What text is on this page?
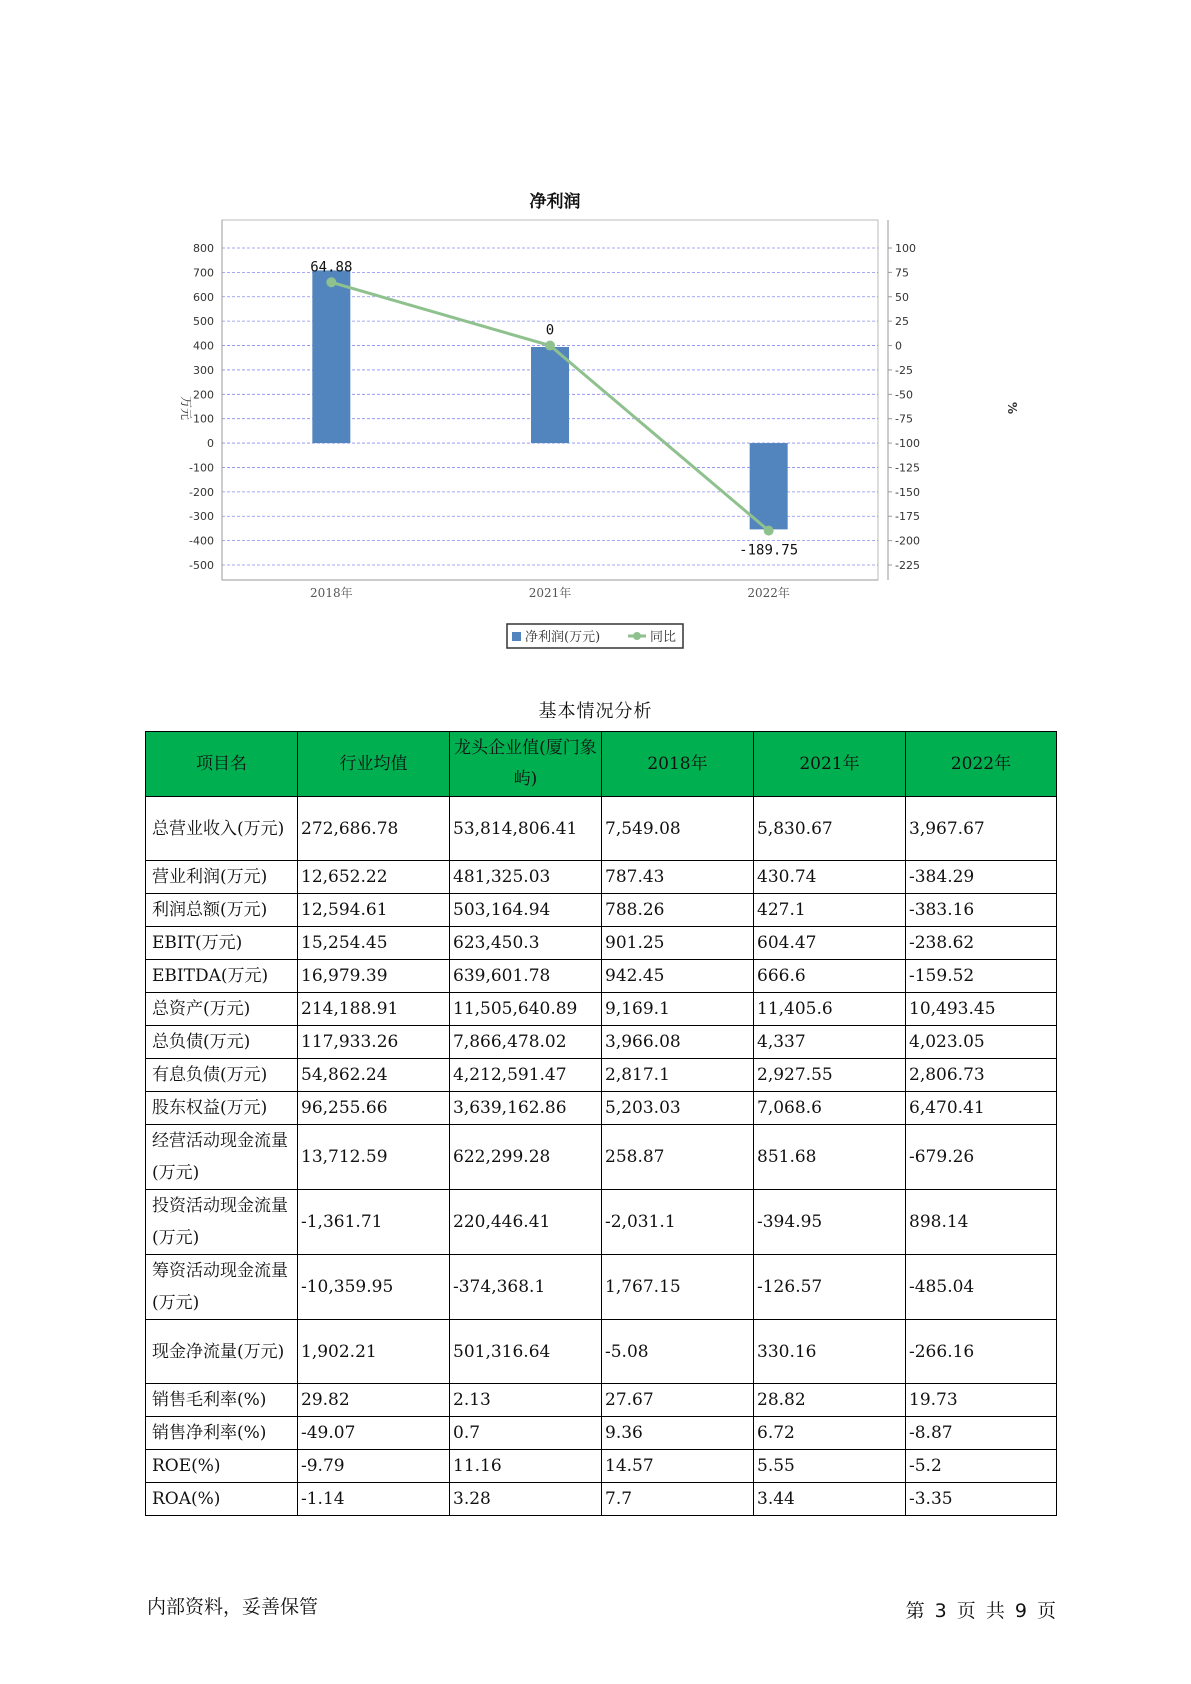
净利润
800
700
600
500
400
300
200
100
0
-100
-200
-300
-400
-500
100
75
50
25
0
-25
-50
-75
-100
-125
-150
-175
-200
-225
万元	%
2018年	2021年	2022年
64.88
0
-189.75
净利润(万元)	同比
基本情况分析
项目名	行业均值	龙头企业值(厦门象屿)	2018年	2021年	2022年
总营业收入(万元)	272,686.78	53,814,806.41	7,549.08	5,830.67	3,967.67
营业利润(万元)	12,652.22	481,325.03	787.43	430.74	-384.29
利润总额(万元)	12,594.61	503,164.94	788.26	427.1	-383.16
EBIT(万元)	15,254.45	623,450.3	901.25	604.47	-238.62
EBITDA(万元)	16,979.39	639,601.78	942.45	666.6	-159.52
总资产(万元)	214,188.91	11,505,640.89	9,169.1	11,405.6	10,493.45
总负债(万元)	117,933.26	7,866,478.02	3,966.08	4,337	4,023.05
有息负债(万元)	54,862.24	4,212,591.47	2,817.1	2,927.55	2,806.73
股东权益(万元)	96,255.66	3,639,162.86	5,203.03	7,068.6	6,470.41
经营活动现金流量(万元)	13,712.59	622,299.28	258.87	851.68	-679.26
投资活动现金流量(万元)	-1,361.71	220,446.41	-2,031.1	-394.95	898.14
筹资活动现金流量(万元)	-10,359.95	-374,368.1	1,767.15	-126.57	-485.04
现金净流量(万元)	1,902.21	501,316.64	-5.08	330.16	-266.16
销售毛利率(%)	29.82	2.13	27.67	28.82	19.73
销售净利率(%)	-49.07	0.7	9.36	6.72	-8.87
ROE(%)	-9.79	11.16	14.57	5.55	-5.2
ROA(%)	-1.14	3.28	7.7	3.44	-3.35
内部资料，妥善保管	第 3 页 共 9 页
